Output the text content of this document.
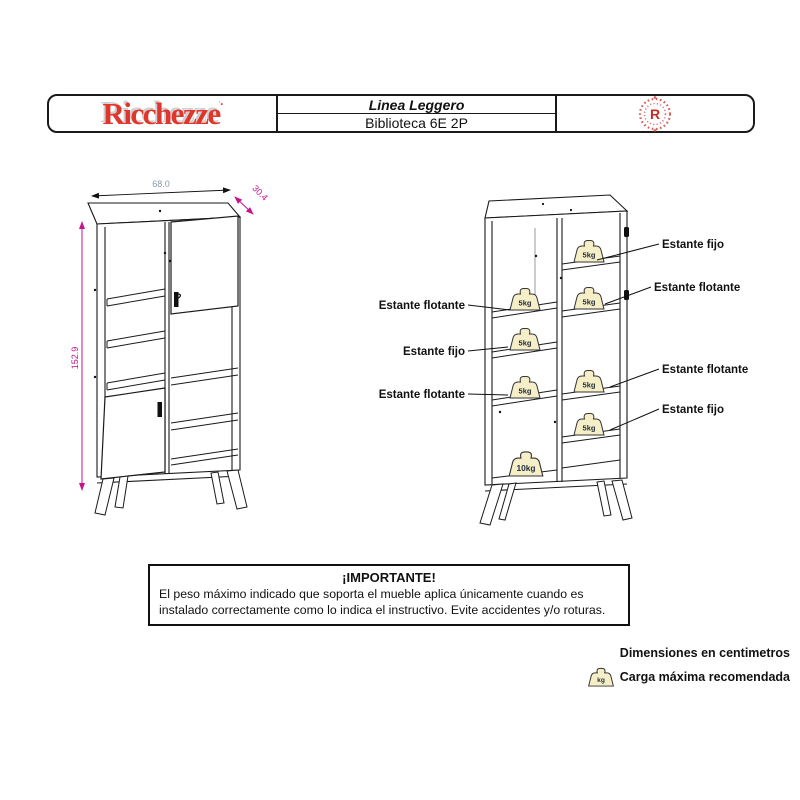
Ricchezze·	Linea Leggero
Biblioteca 6E 2P
R
68.0	30.4
152.9
5kg
5kg
5kg
10kg
5kg
5kg
5kg
5kg
Estante fijo
Estante flotante
Estante flotante
Estante fijo
Estante flotante
Estante fijo
Estante flotante
¡IMPORTANTE!
El peso máximo indicado que soporta el mueble aplica únicamente cuando es instalado correctamente como lo indica el instructivo. Evite accidentes y/o roturas.
Dimensiones en centimetros
kg Carga máxima recomendada
